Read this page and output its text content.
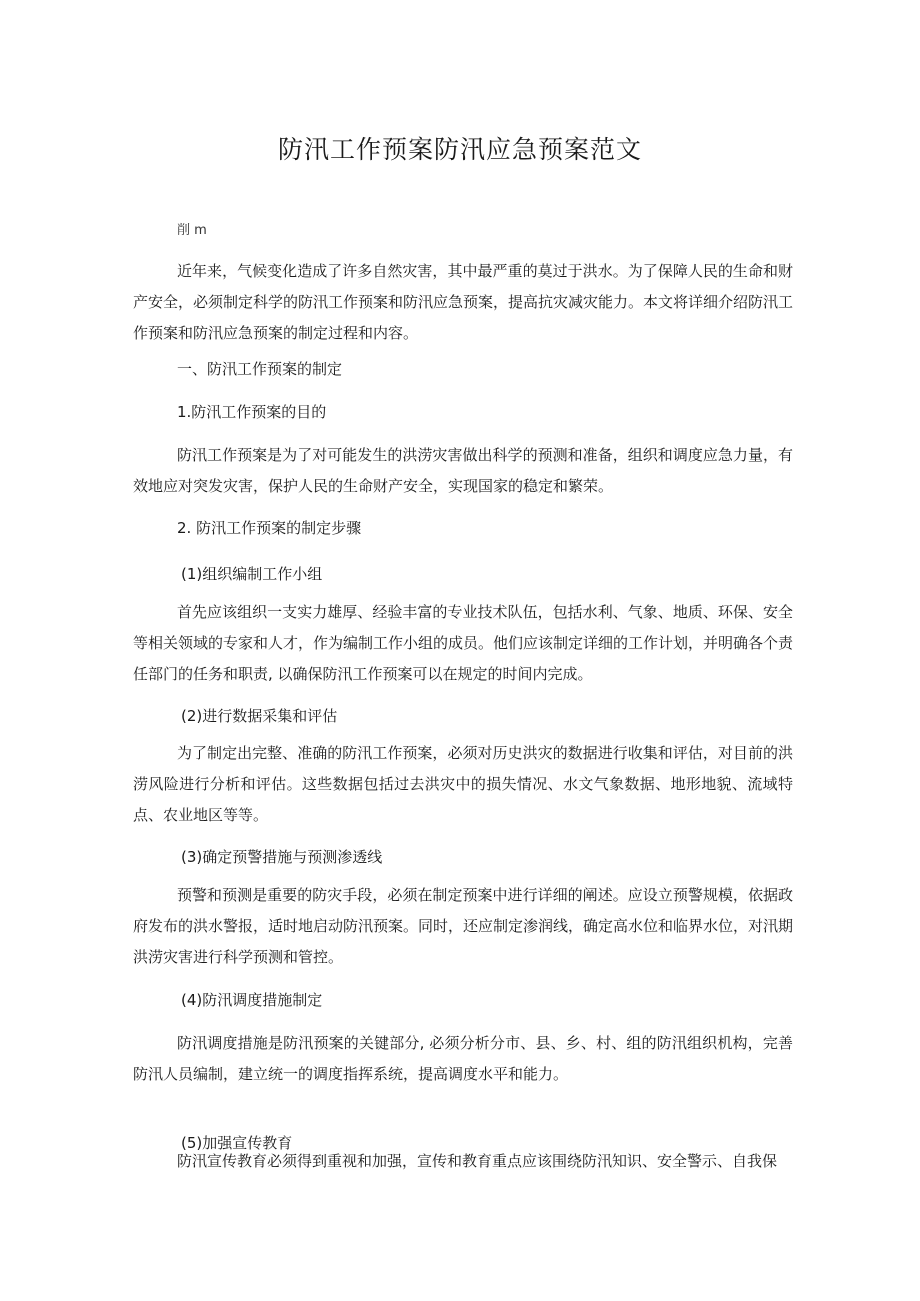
防汛工作预案防汛应急预案范文

削 m

近年来，气候变化造成了许多自然灾害，其中最严重的莫过于洪水。为了保障人民的生命和财产安全，必须制定科学的防汛工作预案和防汛应急预案，提高抗灾减灾能力。本文将详细介绍防汛工作预案和防汛应急预案的制定过程和内容。

一、防汛工作预案的制定

1.防汛工作预案的目的

防汛工作预案是为了对可能发生的洪涝灾害做出科学的预测和准备，组织和调度应急力量，有效地应对突发灾害，保护人民的生命财产安全，实现国家的稳定和繁荣。

2. 防汛工作预案的制定步骤

(1)组织编制工作小组

首先应该组织一支实力雄厚、经验丰富的专业技术队伍，包括水利、气象、地质、环保、安全等相关领域的专家和人才，作为编制工作小组的成员。他们应该制定详细的工作计划，并明确各个责任部门的任务和职责, 以确保防汛工作预案可以在规定的时间内完成。

(2)进行数据采集和评估

为了制定出完整、准确的防汛工作预案，必须对历史洪灾的数据进行收集和评估，对目前的洪涝风险进行分析和评估。这些数据包括过去洪灾中的损失情况、水文气象数据、地形地貌、流域特点、农业地区等等。

(3)确定预警措施与预测渗透线

预警和预测是重要的防灾手段，必须在制定预案中进行详细的阐述。应设立预警规模，依据政府发布的洪水警报，适时地启动防汛预案。同时，还应制定渗润线，确定高水位和临界水位，对汛期洪涝灾害进行科学预测和管控。

(4)防汛调度措施制定

防汛调度措施是防汛预案的关键部分, 必须分析分市、县、乡、村、组的防汛组织机构，完善防汛人员编制，建立统一的调度指挥系统，提高调度水平和能力。

(5)加强宣传教育

防汛宣传教育必须得到重视和加强，宣传和教育重点应该围绕防汛知识、安全警示、自我保
